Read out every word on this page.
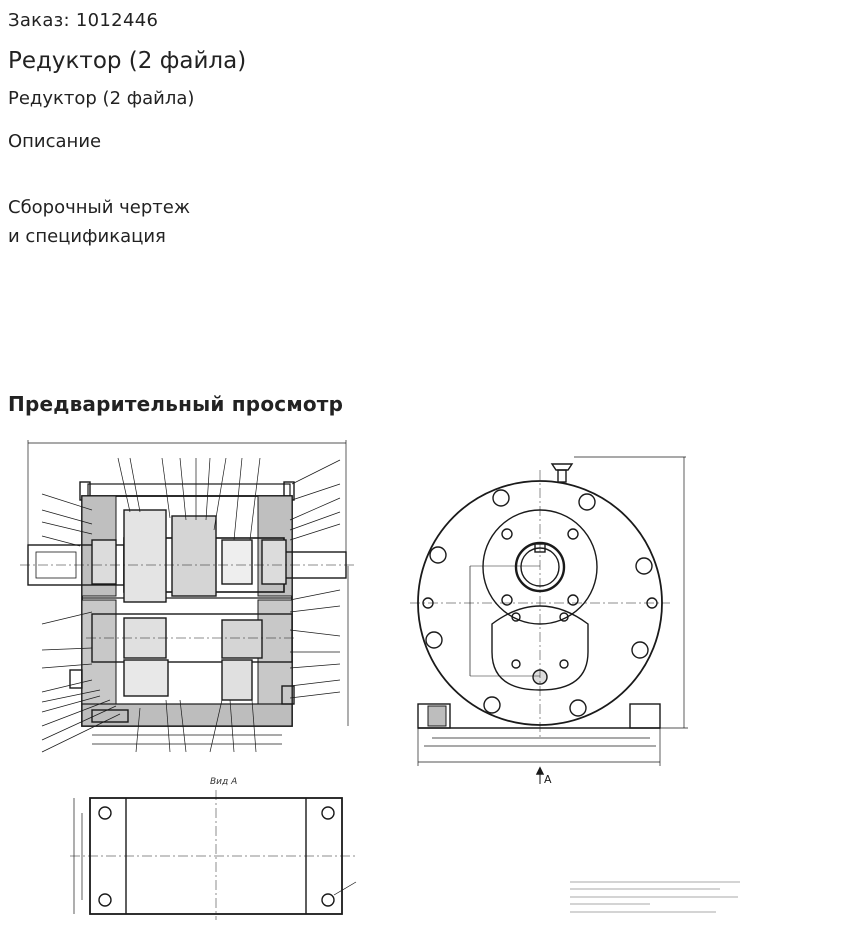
Заказ: 1012446
Редуктор (2 файла)
Редуктор (2 файла)
Описание
Сборочный чертеж
и спецификация
Предварительный просмотр
Вид А	А
